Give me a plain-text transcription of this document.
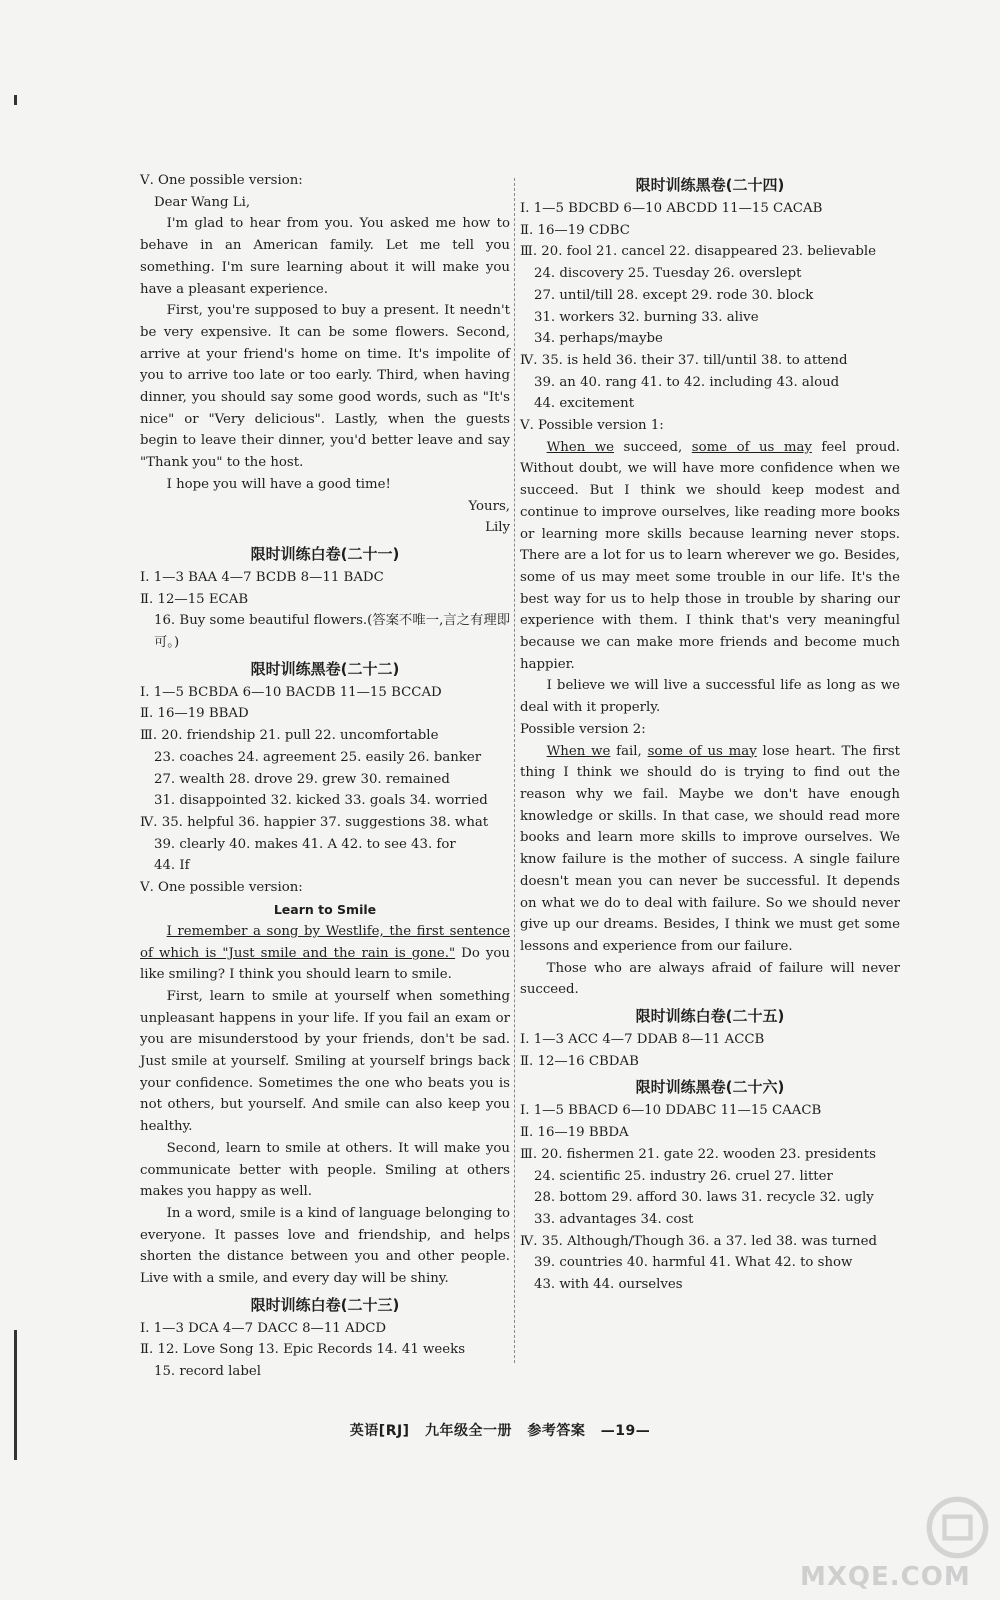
Ⅴ. One possible version:
Dear Wang Li,
I'm glad to hear from you. You asked me how to behave in an American family. Let me tell you something. I'm sure learning about it will make you have a pleasant experience.
First, you're supposed to buy a present. It needn't be very expensive. It can be some flowers. Second, arrive at your friend's home on time. It's impolite of you to arrive too late or too early. Third, when having dinner, you should say some good words, such as "It's nice" or "Very delicious". Lastly, when the guests begin to leave their dinner, you'd better leave and say "Thank you" to the host.
I hope you will have a good time!
Yours,
Lily
限时训练白卷(二十一)
Ⅰ. 1—3 BAA 4—7 BCDB 8—11 BADC
Ⅱ. 12—15 ECAB
16. Buy some beautiful flowers.(答案不唯一,言之有理即可。)
限时训练黑卷(二十二)
Ⅰ. 1—5 BCBDA 6—10 BACDB 11—15 BCCAD
Ⅱ. 16—19 BBAD
Ⅲ. 20. friendship 21. pull 22. uncomfortable
23. coaches 24. agreement 25. easily 26. banker
27. wealth 28. drove 29. grew 30. remained
31. disappointed 32. kicked 33. goals 34. worried
Ⅳ. 35. helpful 36. happier 37. suggestions 38. what
39. clearly 40. makes 41. A 42. to see 43. for
44. If
Ⅴ. One possible version:
Learn to Smile
I remember a song by Westlife, the first sentence of which is "Just smile and the rain is gone." Do you like smiling? I think you should learn to smile.
First, learn to smile at yourself when something unpleasant happens in your life. If you fail an exam or you are misunderstood by your friends, don't be sad. Just smile at yourself. Smiling at yourself brings back your confidence. Sometimes the one who beats you is not others, but yourself. And smile can also keep you healthy.
Second, learn to smile at others. It will make you communicate better with people. Smiling at others makes you happy as well.
In a word, smile is a kind of language belonging to everyone. It passes love and friendship, and helps shorten the distance between you and other people. Live with a smile, and every day will be shiny.
限时训练白卷(二十三)
Ⅰ. 1—3 DCA 4—7 DACC 8—11 ADCD
Ⅱ. 12. Love Song 13. Epic Records 14. 41 weeks
15. record label
限时训练黑卷(二十四)
Ⅰ. 1—5 BDCBD 6—10 ABCDD 11—15 CACAB
Ⅱ. 16—19 CDBC
Ⅲ. 20. fool 21. cancel 22. disappeared 23. believable
24. discovery 25. Tuesday 26. overslept
27. until/till 28. except 29. rode 30. block
31. workers 32. burning 33. alive
34. perhaps/maybe
Ⅳ. 35. is held 36. their 37. till/until 38. to attend
39. an 40. rang 41. to 42. including 43. aloud
44. excitement
Ⅴ. Possible version 1:
When we succeed, some of us may feel proud. Without doubt, we will have more confidence when we succeed. But I think we should keep modest and continue to improve ourselves, like reading more books or learning more skills because learning never stops. There are a lot for us to learn wherever we go. Besides, some of us may meet some trouble in our life. It's the best way for us to help those in trouble by sharing our experience with them. I think that's very meaningful because we can make more friends and become much happier.
I believe we will live a successful life as long as we deal with it properly.
Possible version 2:
When we fail, some of us may lose heart. The first thing I think we should do is trying to find out the reason why we fail. Maybe we don't have enough knowledge or skills. In that case, we should read more books and learn more skills to improve ourselves. We know failure is the mother of success. A single failure doesn't mean you can never be successful. It depends on what we do to deal with failure. So we should never give up our dreams. Besides, I think we must get some lessons and experience from our failure.
Those who are always afraid of failure will never succeed.
限时训练白卷(二十五)
Ⅰ. 1—3 ACC 4—7 DDAB 8—11 ACCB
Ⅱ. 12—16 CBDAB
限时训练黑卷(二十六)
Ⅰ. 1—5 BBACD 6—10 DDABC 11—15 CAACB
Ⅱ. 16—19 BBDA
Ⅲ. 20. fishermen 21. gate 22. wooden 23. presidents
24. scientific 25. industry 26. cruel 27. litter
28. bottom 29. afford 30. laws 31. recycle 32. ugly
33. advantages 34. cost
Ⅳ. 35. Although/Though 36. a 37. led 38. was turned
39. countries 40. harmful 41. What 42. to show
43. with 44. ourselves
英语[RJ] 九年级全一册 参考答案 —19—
MXQE.COM
